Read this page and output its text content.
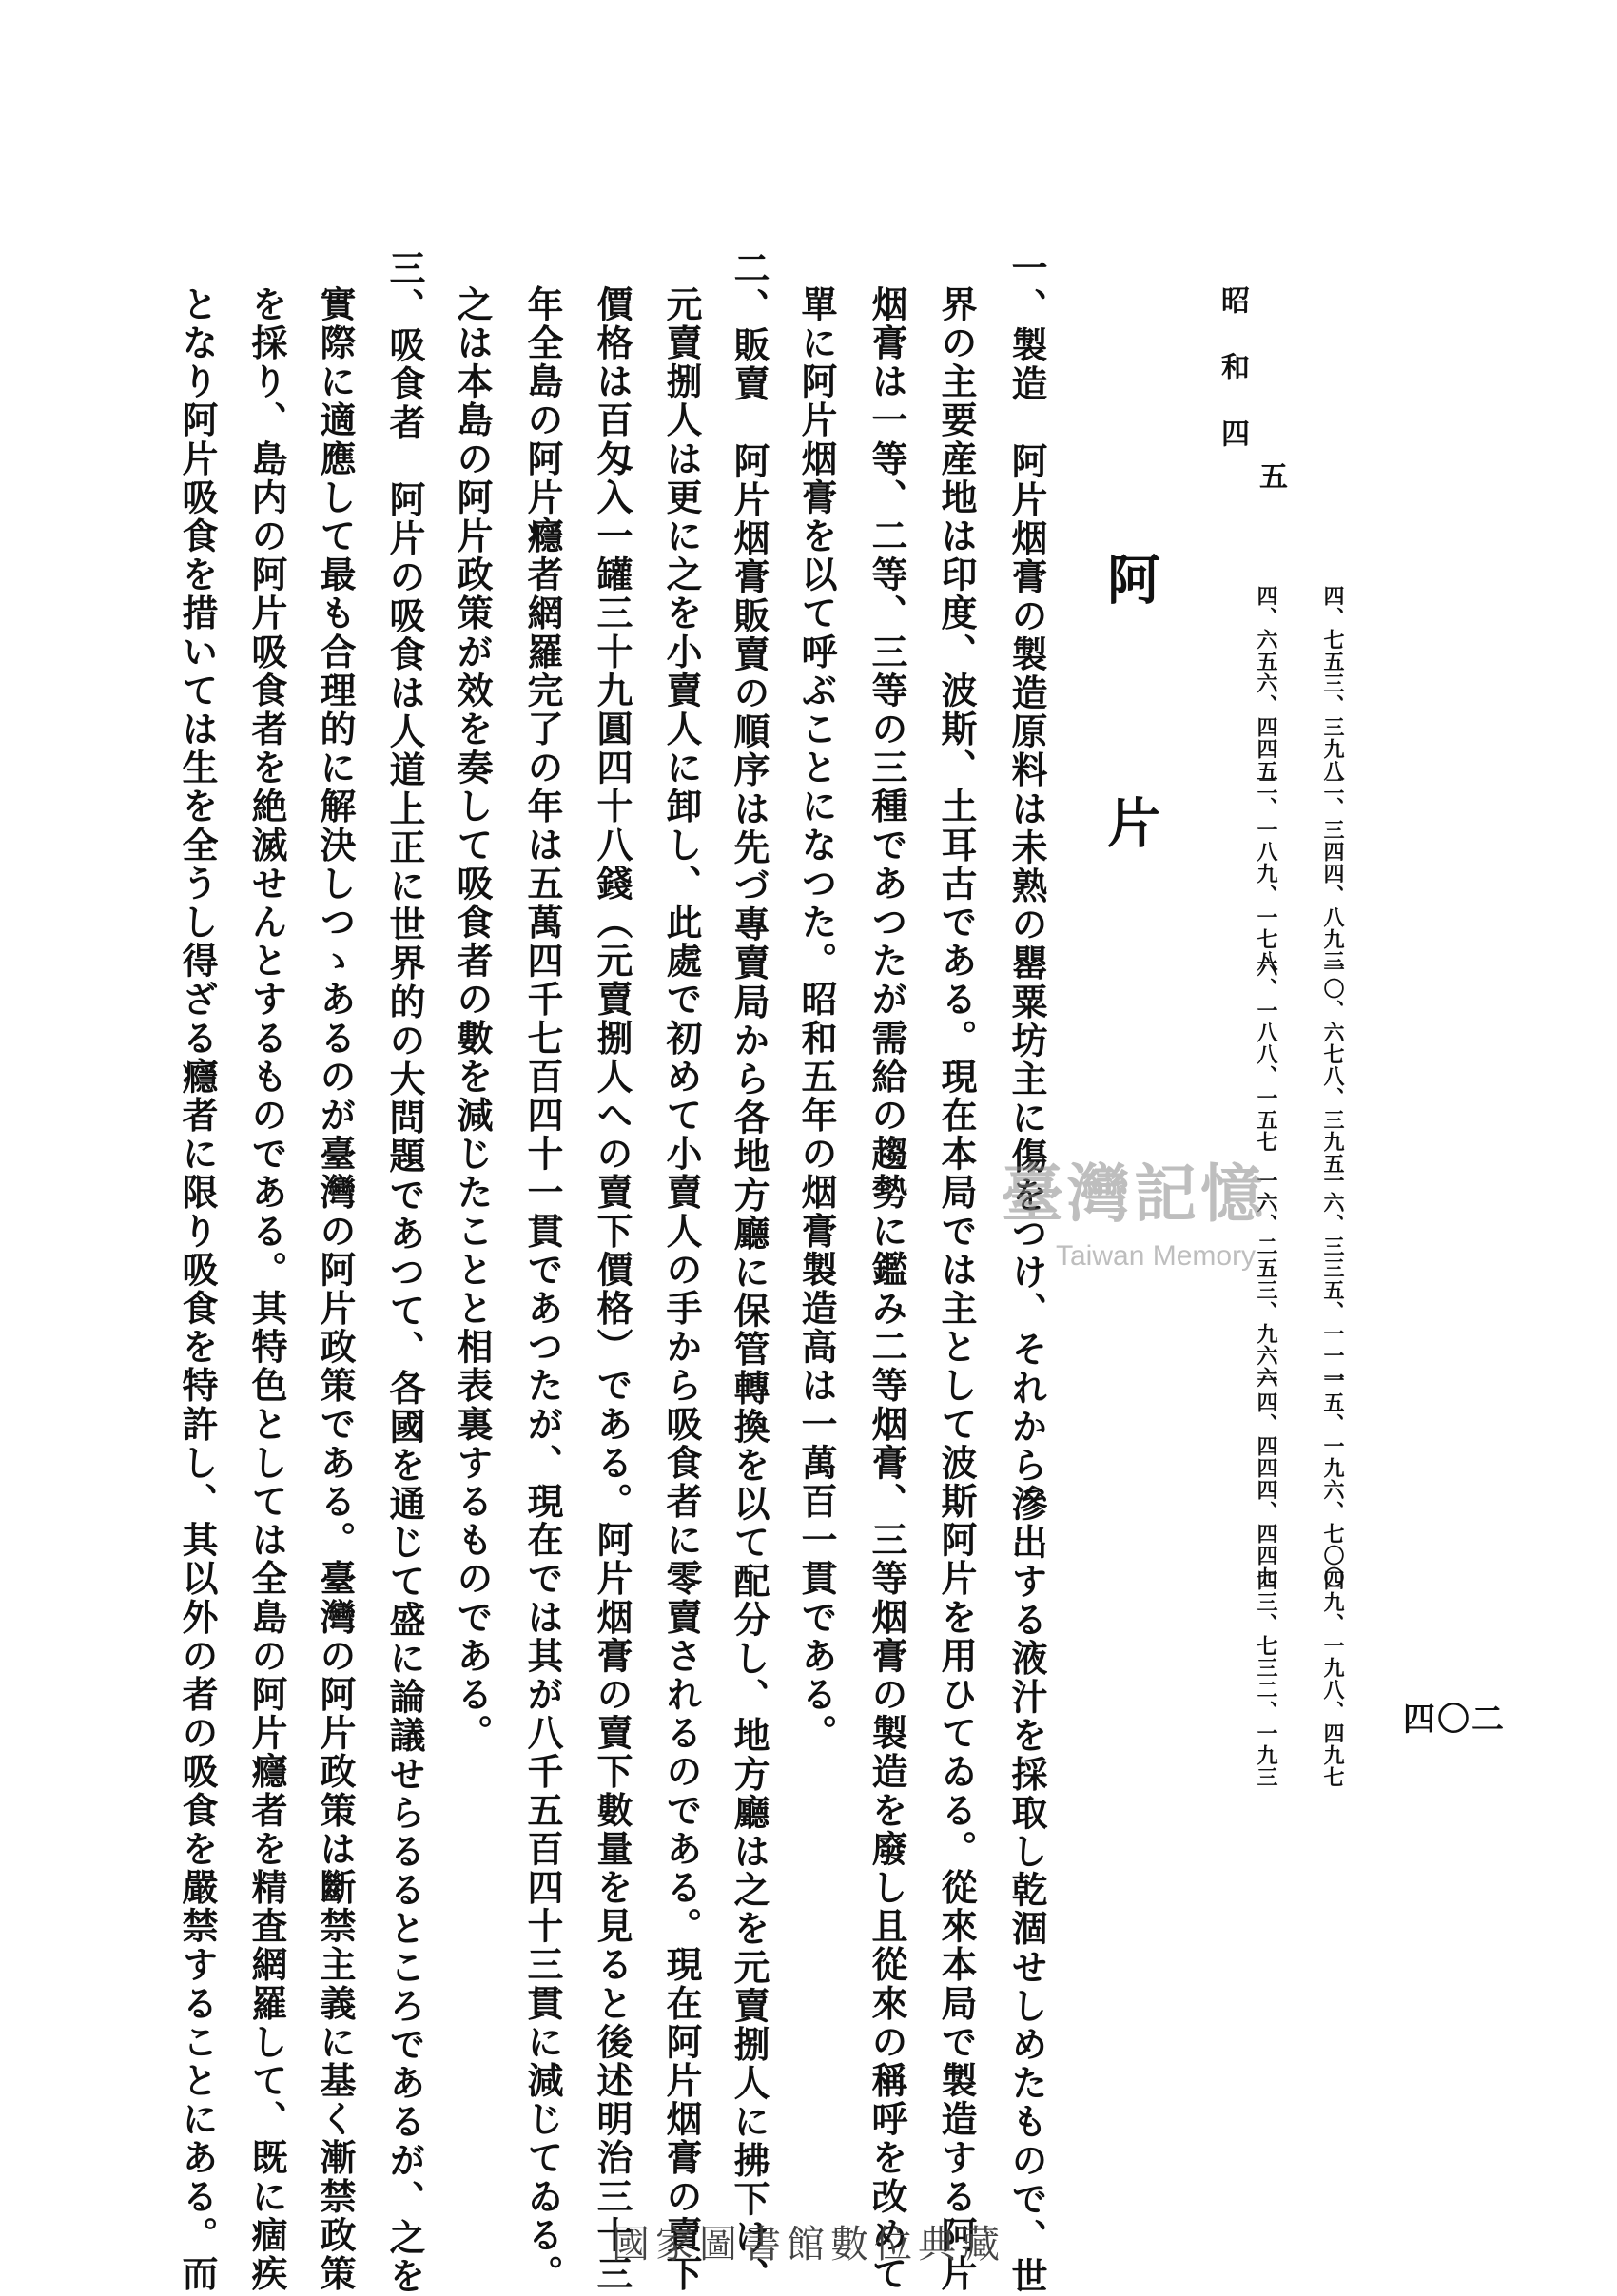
四〇二
昭和四 五
四、七五三、三九八
二、三四四、八九三
一〇、六七八、三九五
一六、三三五、一一一
一五、一九六、七〇〇
四九、一九八、四九七
四、六五六、四四五
二、一八九、一七八
六、一八八、一五七
一六、二五三、九六六
一四、四四四、四四七
四三、七三二、一九三
阿片
一、製造　阿片烟膏の製造原料は未熟の罌粟坊主に傷をつけ、それから滲出する液汁を採取し乾涸せしめたもので、世
界の主要産地は印度、波斯、土耳古である。現在本局では主として波斯阿片を用ひてゐる。從來本局で製造する阿片
烟膏は一等、二等、三等の三種であつたが需給の趨勢に鑑み二等烟膏、三等烟膏の製造を廢し且從來の稱呼を改めて
單に阿片烟膏を以て呼ぶことになつた。昭和五年の烟膏製造高は一萬百一貫である。
二、販賣　阿片烟膏販賣の順序は先づ專賣局から各地方廳に保管轉換を以て配分し、地方廳は之を元賣捌人に拂下け、
元賣捌人は更に之を小賣人に卸し、此處で初めて小賣人の手から吸食者に零賣されるのである。現在阿片烟膏の賣下
價格は百匁入一罐三十九圓四十八錢（元賣捌人への賣下價格）である。阿片烟膏の賣下數量を見ると後述明治三十三
年全島の阿片癮者網羅完了の年は五萬四千七百四十一貫であつたが、現在では其が八千五百四十三貫に減じてゐる。
之は本島の阿片政策が效を奏して吸食者の數を減じたことと相表裏するものである。
三、吸食者　阿片の吸食は人道上正に世界的の大問題であつて、各國を通じて盛に論議せらるるところであるが、之を
實際に適應して最も合理的に解決しつゝあるのが臺灣の阿片政策である。臺灣の阿片政策は斷禁主義に基く漸禁政策
を採り、島内の阿片吸食者を絶滅せんとするものである。其特色としては全島の阿片癮者を精査網羅して、既に痼疾
となり阿片吸食を措いては生を全うし得ざる癮者に限り吸食を特許し、其以外の者の吸食を嚴禁することにある。而	臺灣記憶
Taiwan Memory
國家圖書館數位典藏
